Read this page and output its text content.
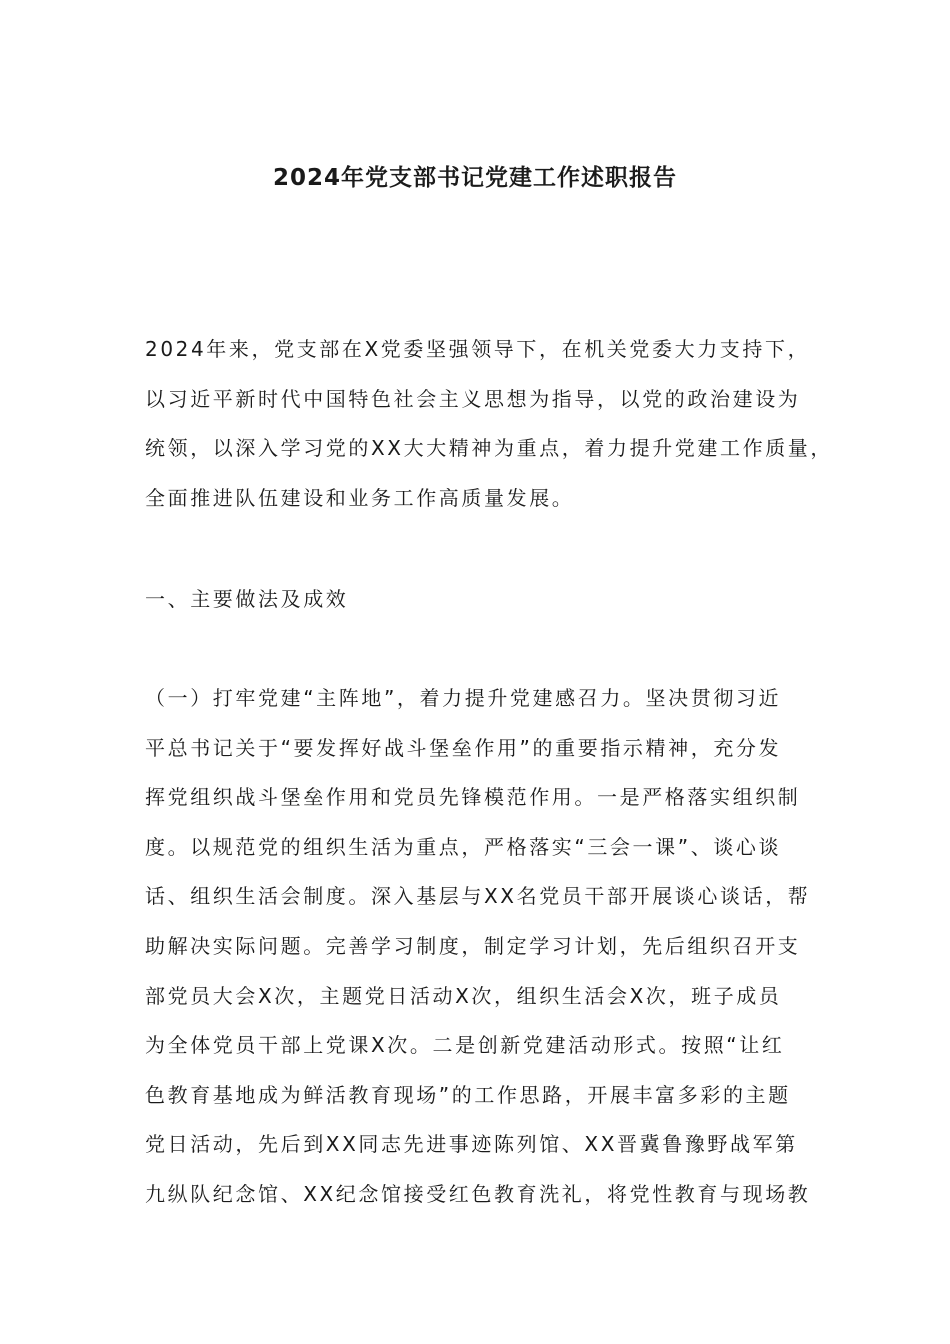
2024年党支部书记党建工作述职报告
2024年来，党支部在X党委坚强领导下，在机关党委大力支持下，
以习近平新时代中国特色社会主义思想为指导，以党的政治建设为
统领，以深入学习党的XX大大精神为重点，着力提升党建工作质量，
全面推进队伍建设和业务工作高质量发展。
一、主要做法及成效
（一）打牢党建“主阵地”，着力提升党建感召力。坚决贯彻习近
平总书记关于“要发挥好战斗堡垒作用”的重要指示精神，充分发
挥党组织战斗堡垒作用和党员先锋模范作用。一是严格落实组织制
度。以规范党的组织生活为重点，严格落实“三会一课”、谈心谈
话、组织生活会制度。深入基层与XX名党员干部开展谈心谈话，帮
助解决实际问题。完善学习制度，制定学习计划，先后组织召开支
部党员大会X次，主题党日活动X次，组织生活会X次，班子成员
为全体党员干部上党课X次。二是创新党建活动形式。按照“让红
色教育基地成为鲜活教育现场”的工作思路，开展丰富多彩的主题
党日活动，先后到XX同志先进事迹陈列馆、XX晋冀鲁豫野战军第
九纵队纪念馆、XX纪念馆接受红色教育洗礼，将党性教育与现场教
